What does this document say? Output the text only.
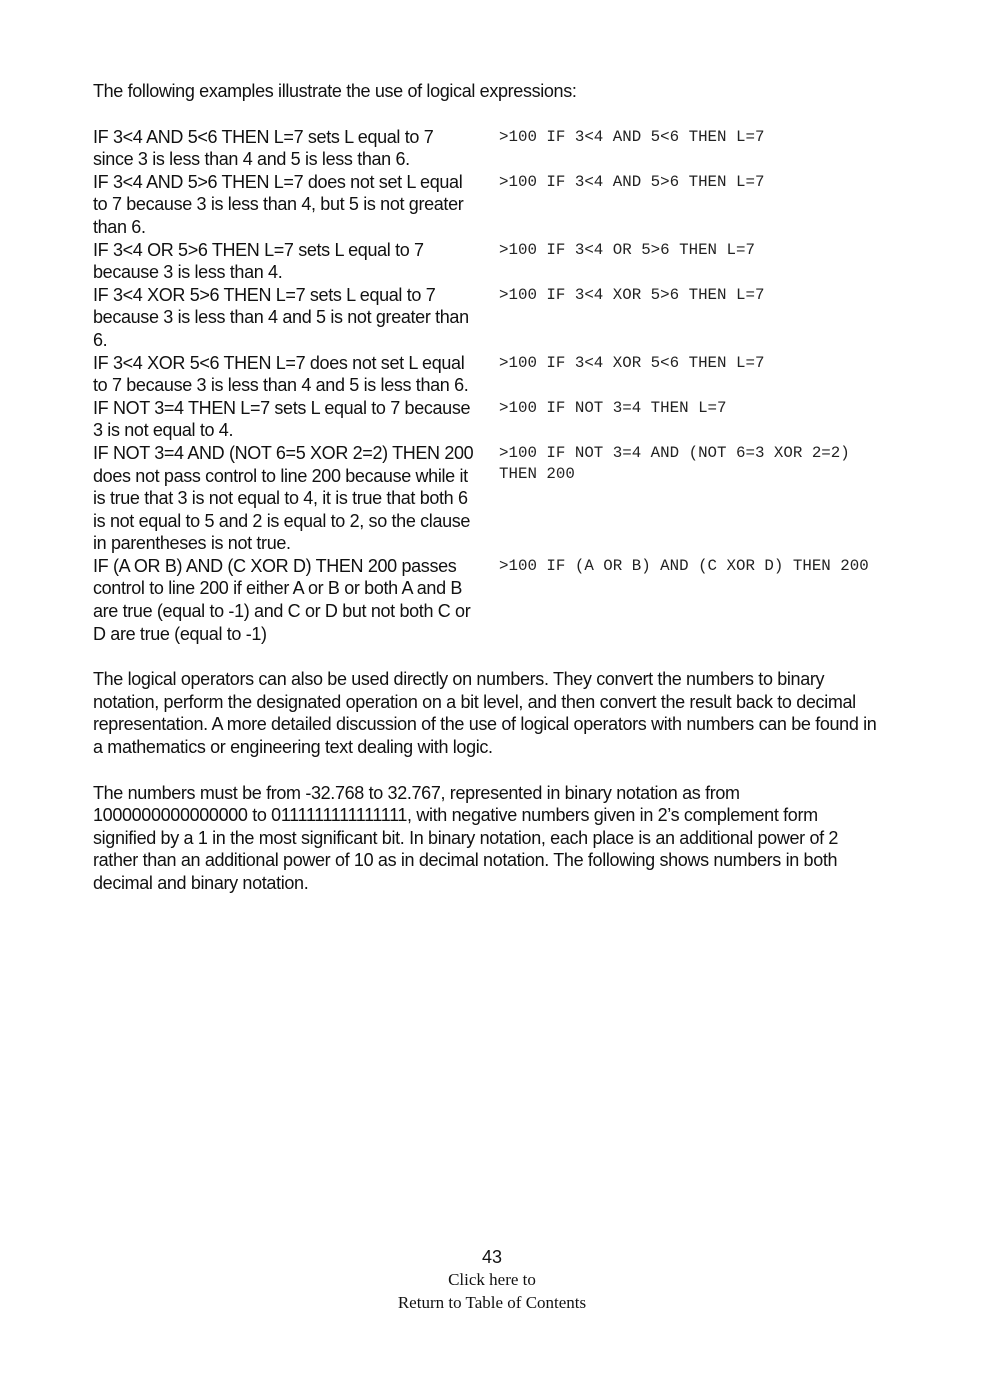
The following examples illustrate the use of logical expressions:

IF 3<4 AND 5<6 THEN L=7 sets L equal to 7 since 3 is less than 4 and 5 is less than 6.
>100 IF 3<4 AND 5<6 THEN L=7
IF 3<4 AND 5>6 THEN L=7 does not set L equal to 7 because 3 is less than 4, but 5 is not greater than 6.
>100 IF 3<4 AND 5>6 THEN L=7
IF 3<4 OR 5>6 THEN L=7 sets L equal to 7 because 3 is less than 4.
>100 IF 3<4 OR 5>6 THEN L=7
IF 3<4 XOR 5>6 THEN L=7 sets L equal to 7 because 3 is less than 4 and 5 is not greater than 6.
>100 IF 3<4 XOR 5>6 THEN L=7
IF 3<4 XOR 5<6 THEN L=7 does not set L equal to 7 because 3 is less than 4 and 5 is less than 6.
>100 IF 3<4 XOR 5<6 THEN L=7
IF NOT 3=4 THEN L=7 sets L equal to 7 because 3 is not equal to 4.
>100 IF NOT 3=4 THEN L=7
IF NOT 3=4 AND (NOT 6=5 XOR 2=2) THEN 200 does not pass control to line 200 because while it is true that 3 is not equal to 4, it is true that both 6 is not equal to 5 and 2 is equal to 2, so the clause in parentheses is not true.
>100 IF NOT 3=4 AND (NOT 6=3 XOR 2=2) THEN 200
IF (A OR B) AND (C XOR D) THEN 200 passes control to line 200 if either A or B or both A and B are true (equal to -1) and C or D but not both C or D are true (equal to -1)
>100 IF (A OR B) AND (C XOR D) THEN 200

The logical operators can also be used directly on numbers. They convert the numbers to binary notation, perform the designated operation on a bit level, and then convert the result back to decimal representation. A more detailed discussion of the use of logical operators with numbers can be found in a mathematics or engineering text dealing with logic.

The numbers must be from -32.768 to 32.767, represented in binary notation as from 1000000000000000 to 0111111111111111, with negative numbers given in 2’s complement form signified by a 1 in the most significant bit. In binary notation, each place is an additional power of 2 rather than an additional power of 10 as in decimal notation. The following shows numbers in both decimal and binary notation.

43
Click here to
Return to Table of Contents
